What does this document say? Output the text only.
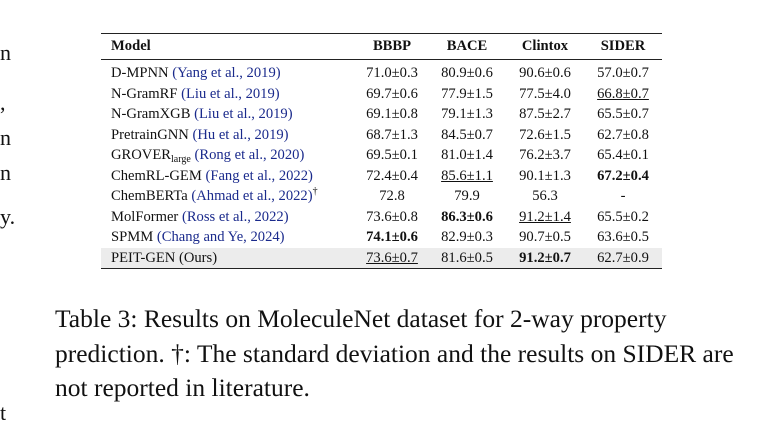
n
,
n
n
y.
t
Model	BBBP	BACE	Clintox	SIDER
D-MPNN (Yang et al., 2019)	71.0±0.3	80.9±0.6	90.6±0.6	57.0±0.7
N-GramRF (Liu et al., 2019)	69.7±0.6	77.9±1.5	77.5±4.0	66.8±0.7
N-GramXGB (Liu et al., 2019)	69.1±0.8	79.1±1.3	87.5±2.7	65.5±0.7
PretrainGNN (Hu et al., 2019)	68.7±1.3	84.5±0.7	72.6±1.5	62.7±0.8
$GROVER_{large}$ (Rong et al., 2020)	69.5±0.1	81.0±1.4	76.2±3.7	65.4±0.1
ChemRL-GEM (Fang et al., 2022)	72.4±0.4	85.6±1.1	90.1±1.3	67.2±0.4
ChemBERTa (Ahmad et al., 2022)†	72.8	79.9	56.3	-
MolFormer (Ross et al., 2022)	73.6±0.8	86.3±0.6	91.2±1.4	65.5±0.2
SPMM (Chang and Ye, 2024)	74.1±0.6	82.9±0.3	90.7±0.5	63.6±0.5
PEIT-GEN (Ours)	73.6±0.7	81.6±0.5	91.2±0.7	62.7±0.9
Table 3: Results on MoleculeNet dataset for 2-way property prediction. †: The standard deviation and the results on SIDER are not reported in literature.
